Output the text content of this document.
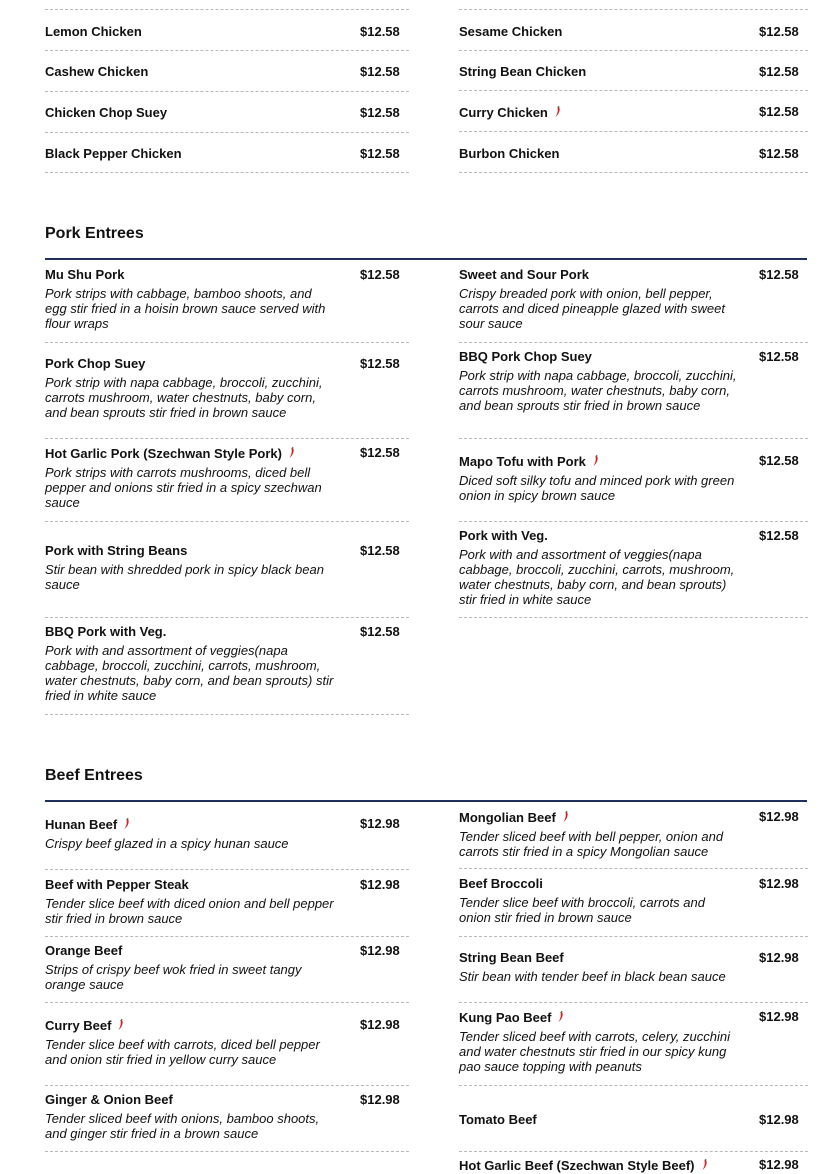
Lemon Chicken	$12.58
Cashew Chicken	$12.58
Chicken Chop Suey	$12.58
Black Pepper Chicken	$12.58
Sesame Chicken	$12.58
String Bean Chicken	$12.58
Curry Chicken	$12.58
Burbon Chicken	$12.58
Pork Entrees
Mu Shu Pork	$12.58
Pork strips with cabbage, bamboo shoots, and egg stir fried in a hoisin brown sauce served with flour wraps
Pork Chop Suey	$12.58
Pork strip with napa cabbage, broccoli, zucchini, carrots mushroom, water chestnuts, baby corn, and bean sprouts stir fried in brown sauce
Hot Garlic Pork (Szechwan Style Pork)	$12.58
Pork strips with carrots mushrooms, diced bell pepper and onions stir fried in a spicy szechwan sauce
Pork with String Beans	$12.58
Stir bean with shredded pork in spicy black bean sauce
BBQ Pork with Veg.	$12.58
Pork with and assortment of veggies(napa cabbage, broccoli, zucchini, carrots, mushroom, water chestnuts, baby corn, and bean sprouts) stir fried in white sauce
Sweet and Sour Pork	$12.58
Crispy breaded pork with onion, bell pepper, carrots and diced pineapple glazed with sweet sour sauce
BBQ Pork Chop Suey	$12.58
Pork strip with napa cabbage, broccoli, zucchini, carrots mushroom, water chestnuts, baby corn, and bean sprouts stir fried in brown sauce
Mapo Tofu with Pork	$12.58
Diced soft silky tofu and minced pork with green onion in spicy brown sauce
Pork with Veg.	$12.58
Pork with and assortment of veggies(napa cabbage, broccoli, zucchini, carrots, mushroom, water chestnuts, baby corn, and bean sprouts) stir fried in white sauce
Beef Entrees
Hunan Beef	$12.98
Crispy beef glazed in a spicy hunan sauce
Beef with Pepper Steak	$12.98
Tender slice beef with diced onion and bell pepper stir fried in brown sauce
Orange Beef	$12.98
Strips of crispy beef wok fried in sweet tangy orange sauce
Curry Beef	$12.98
Tender slice beef with carrots, diced bell pepper and onion stir fried in yellow curry sauce
Ginger & Onion Beef	$12.98
Tender sliced beef with onions, bamboo shoots, and ginger stir fried in a brown sauce
Mongolian Beef	$12.98
Tender sliced beef with bell pepper, onion and carrots stir fried in a spicy Mongolian sauce
Beef Broccoli	$12.98
Tender slice beef with broccoli, carrots and onion stir fried in brown sauce
String Bean Beef	$12.98
Stir bean with tender beef in black bean sauce
Kung Pao Beef	$12.98
Tender sliced beef with carrots, celery, zucchini and water chestnuts stir fried in our spicy kung pao sauce topping with peanuts
Tomato Beef	$12.98
Hot Garlic Beef (Szechwan Style Beef)	$12.98
